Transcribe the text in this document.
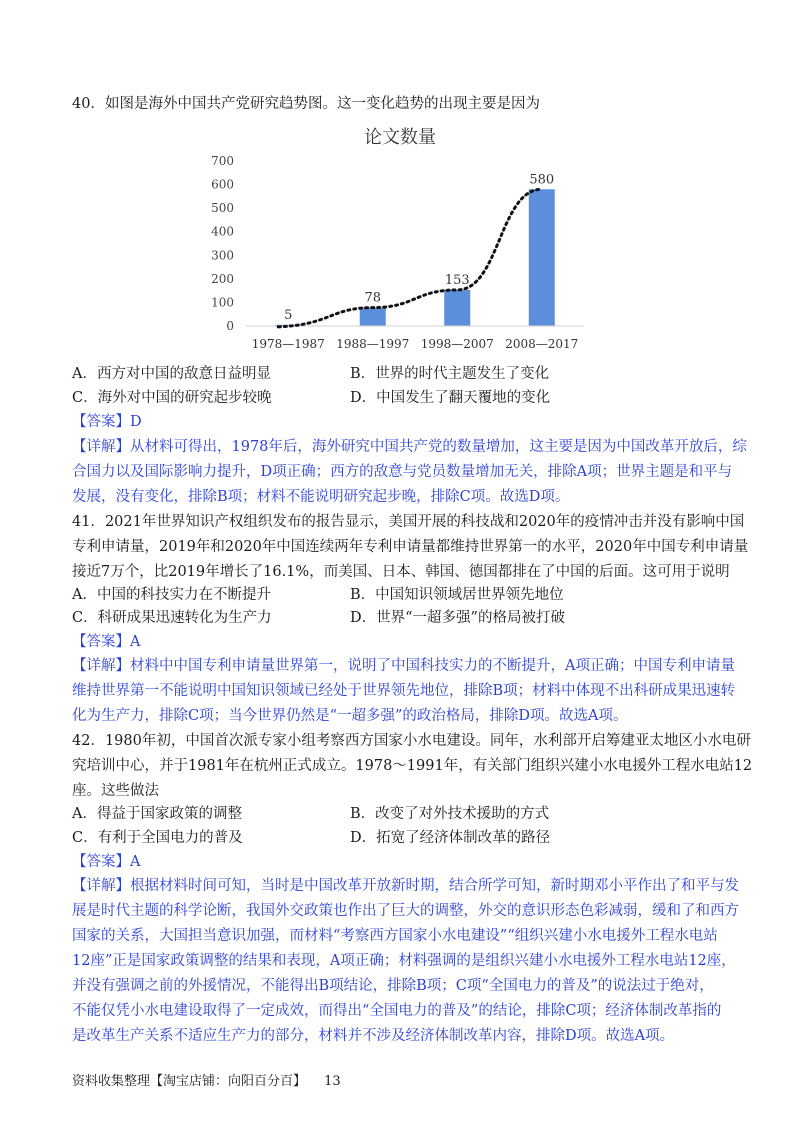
40．如图是海外中国共产党研究趋势图。这一变化趋势的出现主要是因为
论文数量
0
100
200
300
400
500
600
700
5
78
153
580
1978—1987 1988—1997 1998—2007 2008—2017
A．西方对中国的敌意日益明显	B．世界的时代主题发生了变化
C．海外对中国的研究起步较晚	D．中国发生了翻天覆地的变化
【答案】D
【详解】从材料可得出，1978年后，海外研究中国共产党的数量增加，这主要是因为中国改革开放后，综
合国力以及国际影响力提升，D项正确；西方的敌意与党员数量增加无关，排除A项；世界主题是和平与
发展，没有变化，排除B项；材料不能说明研究起步晚，排除C项。故选D项。
41．2021年世界知识产权组织发布的报告显示，美国开展的科技战和2020年的疫情冲击并没有影响中国
专利申请量，2019年和2020年中国连续两年专利申请量都维持世界第一的水平，2020年中国专利申请量
接近7万个，比2019年增长了16.1%，而美国、日本、韩国、德国都排在了中国的后面。这可用于说明
A．中国的科技实力在不断提升	B．中国知识领域居世界领先地位
C．科研成果迅速转化为生产力	D．世界“一超多强”的格局被打破
【答案】A
【详解】材料中中国专利申请量世界第一，说明了中国科技实力的不断提升，A项正确；中国专利申请量
维持世界第一不能说明中国知识领域已经处于世界领先地位，排除B项；材料中体现不出科研成果迅速转
化为生产力，排除C项；当今世界仍然是“一超多强”的政治格局，排除D项。故选A项。
42．1980年初，中国首次派专家小组考察西方国家小水电建设。同年，水利部开启筹建亚太地区小水电研
究培训中心，并于1981年在杭州正式成立。1978～1991年，有关部门组织兴建小水电援外工程水电站12
座。这些做法
A．得益于国家政策的调整	B．改变了对外技术援助的方式
C．有利于全国电力的普及	D．拓宽了经济体制改革的路径
【答案】A
【详解】根据材料时间可知，当时是中国改革开放新时期，结合所学可知，新时期邓小平作出了和平与发
展是时代主题的科学论断，我国外交政策也作出了巨大的调整，外交的意识形态色彩减弱，缓和了和西方
国家的关系，大国担当意识加强，而材料“考察西方国家小水电建设”“组织兴建小水电援外工程水电站
12座”正是国家政策调整的结果和表现，A项正确；材料强调的是组织兴建小水电援外工程水电站12座，
并没有强调之前的外援情况，不能得出B项结论，排除B项；C项“全国电力的普及”的说法过于绝对，
不能仅凭小水电建设取得了一定成效，而得出“全国电力的普及”的结论，排除C项；经济体制改革指的
是改革生产关系不适应生产力的部分，材料并不涉及经济体制改革内容，排除D项。故选A项。
资料收集整理【淘宝店铺：向阳百分百】 13
